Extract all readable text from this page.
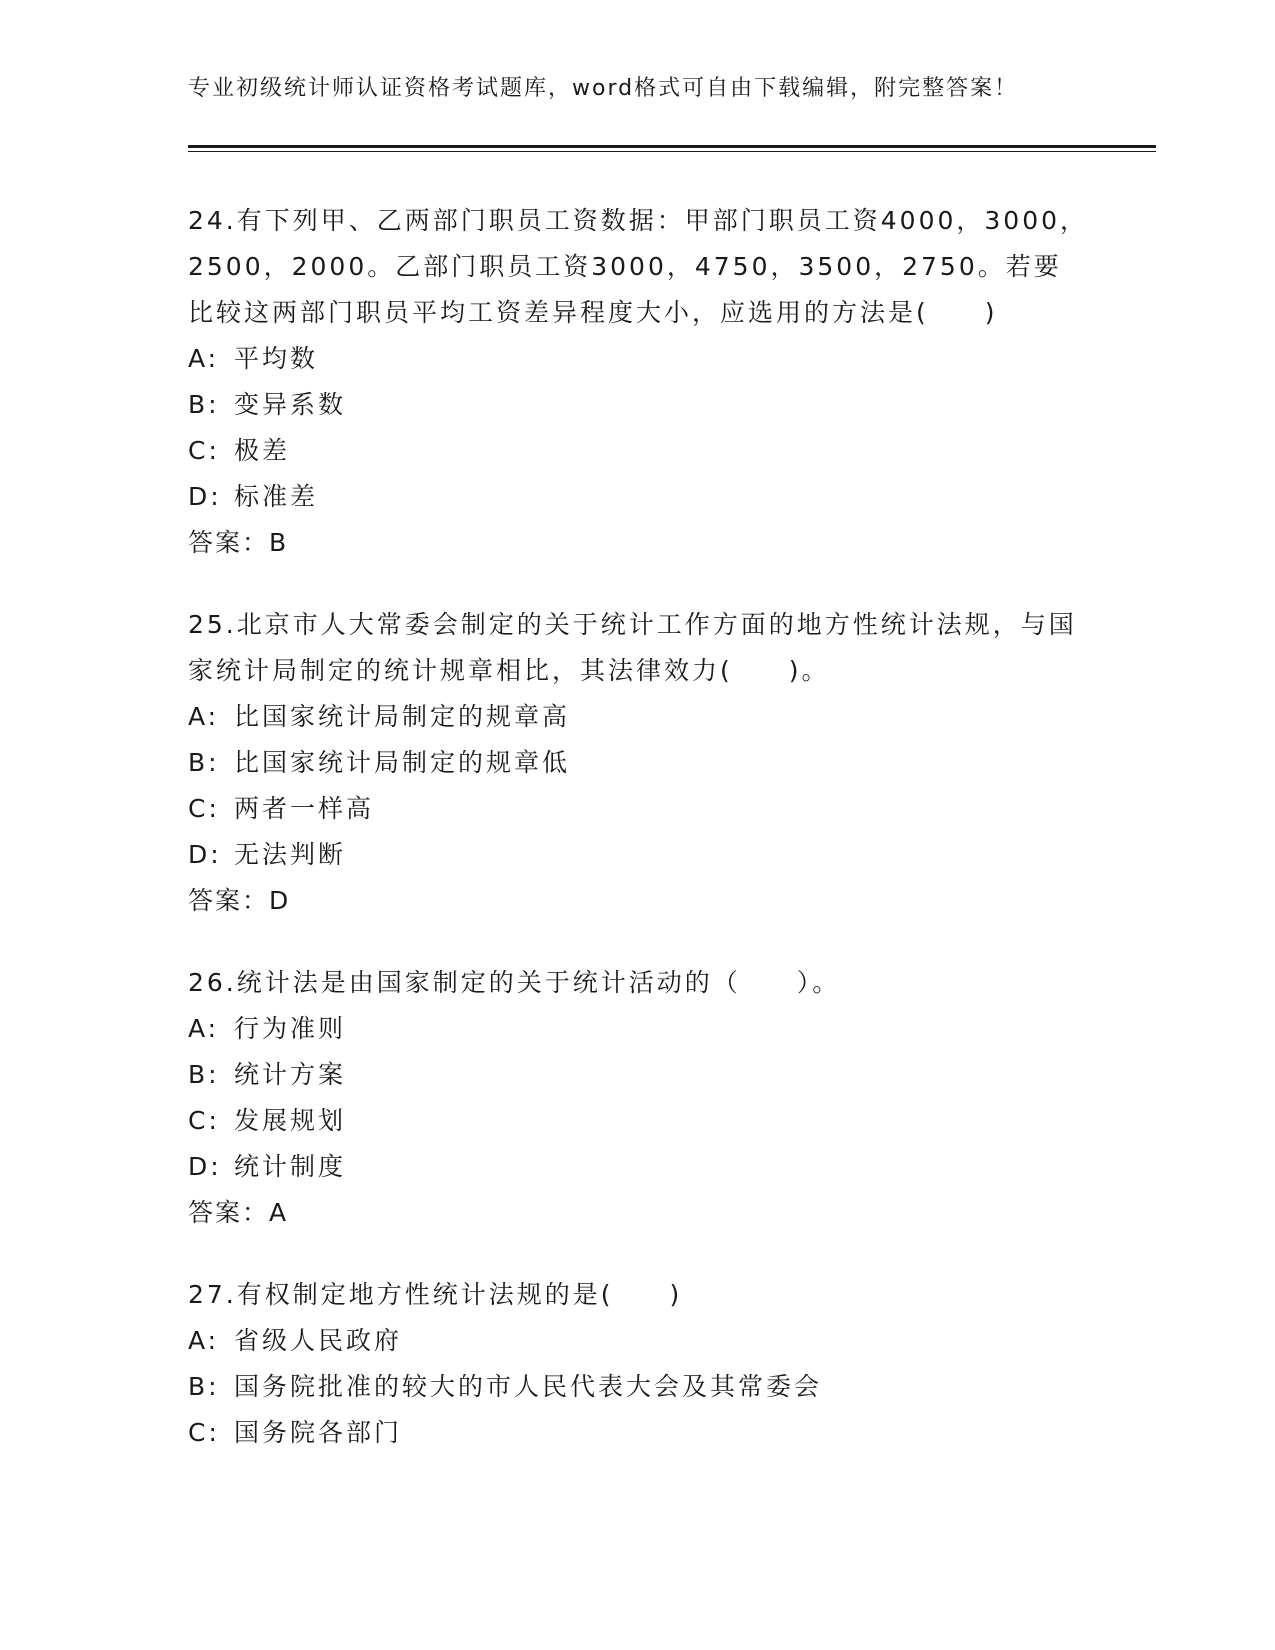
专业初级统计师认证资格考试题库，word格式可自由下载编辑，附完整答案！

24.有下列甲、乙两部门职员工资数据：甲部门职员工资4000，3000，2500，2000。乙部门职员工资3000，4750，3500，2750。若要比较这两部门职员平均工资差异程度大小，应选用的方法是(　　)

A: 平均数
B: 变异系数
C: 极差
D: 标准差
答案：B

25.北京市人大常委会制定的关于统计工作方面的地方性统计法规，与国家统计局制定的统计规章相比，其法律效力(　　)。

A: 比国家统计局制定的规章高
B: 比国家统计局制定的规章低
C: 两者一样高
D: 无法判断
答案：D

26.统计法是由国家制定的关于统计活动的（　　）。

A: 行为准则
B: 统计方案
C: 发展规划
D: 统计制度
答案：A

27.有权制定地方性统计法规的是(　　)

A: 省级人民政府
B: 国务院批准的较大的市人民代表大会及其常委会
C: 国务院各部门
